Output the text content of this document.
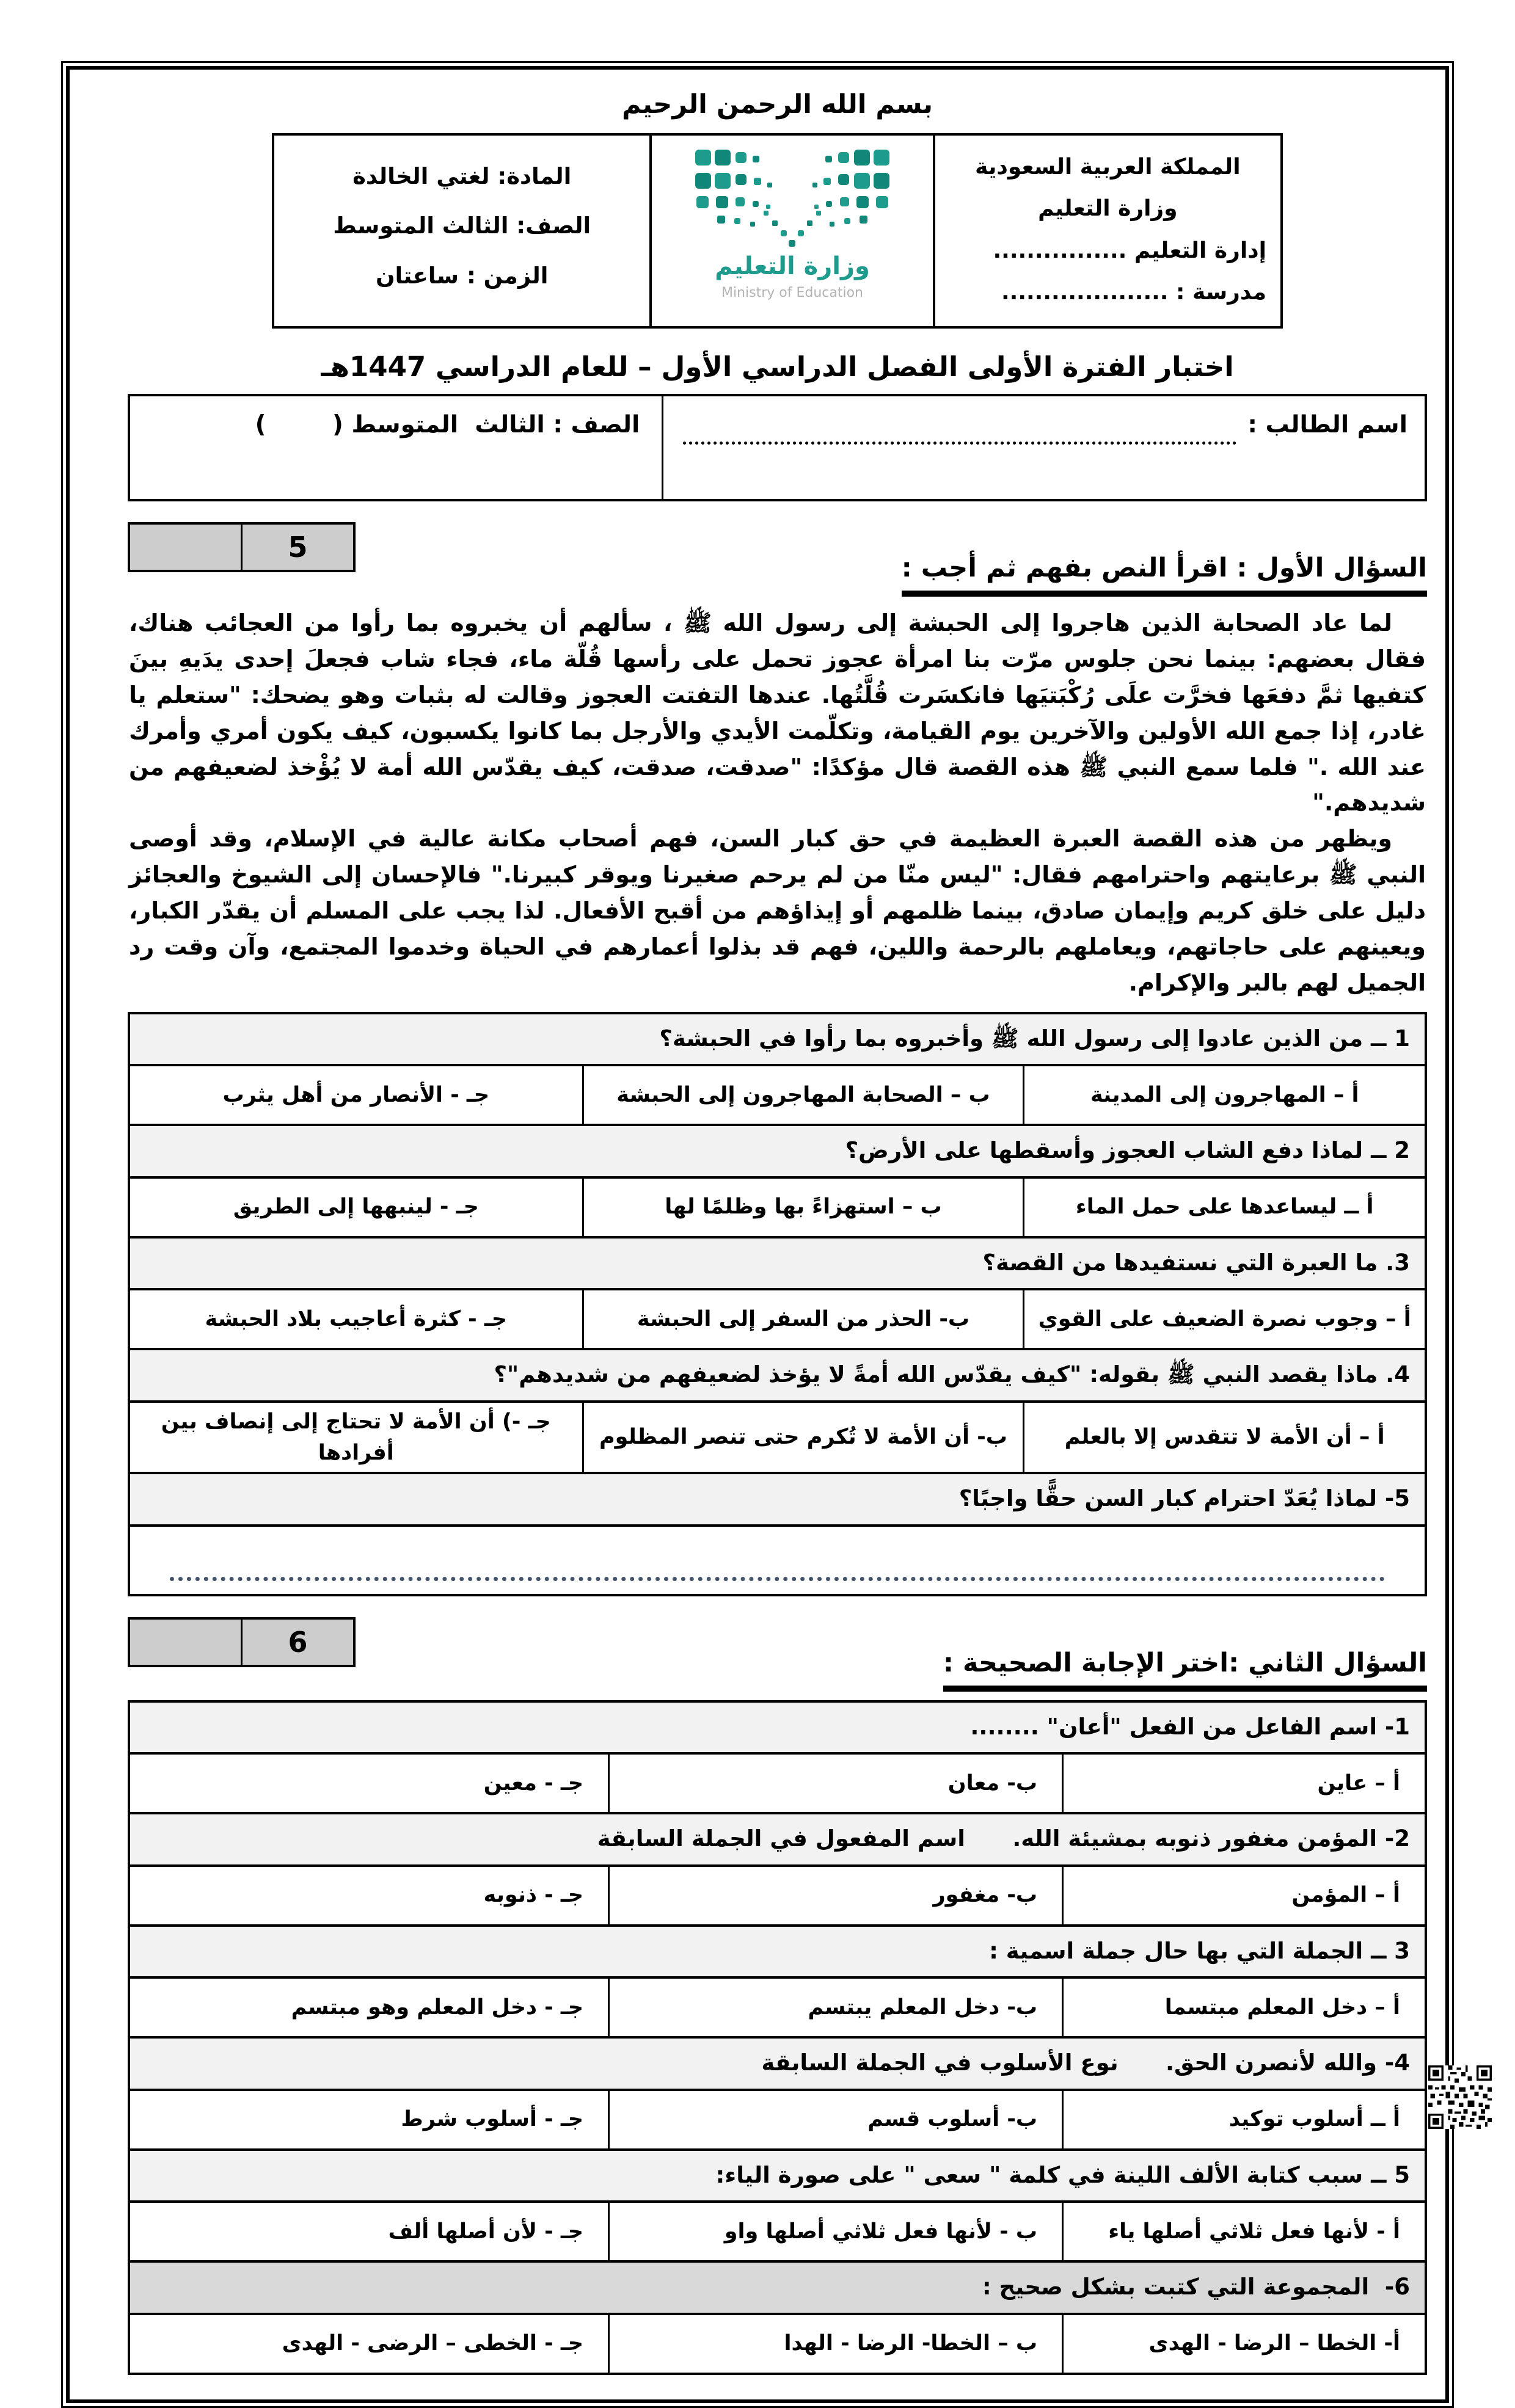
بسم الله الرحمن الرحيم
المملكة العربية السعودية
وزارة التعليم
إدارة التعليم ................
مدرسة : ....................

وزارة التعليم
Ministry of Education

المادة: لغتي الخالدة
الصف: الثالث المتوسط
الزمن : ساعتان
اختبار الفترة الأولى الفصل الدراسي الأول – للعام الدراسي 1447هـ
اسم الطالب :
الصف : الثالث  المتوسط (        )
السؤال الأول : اقرأ النص بفهم ثم أجب :
5

لما عاد الصحابة الذين هاجروا إلى الحبشة إلى رسول الله ﷺ ، سألهم أن يخبروه بما رأوا من العجائب هناك، فقال بعضهم: بينما نحن جلوس مرّت بنا امرأة عجوز تحمل على رأسها قُلّة ماء، فجاء شاب فجعلَ إحدى يدَيهِ بينَ كتفيها ثمَّ دفعَها فخرَّت علَى رُكْبَتيَها فانكسَرت قُلَّتُها. عندها التفتت العجوز وقالت له بثبات وهو يضحك: "ستعلم يا غادر، إذا جمع الله الأولين والآخرين يوم القيامة، وتكلّمت الأيدي والأرجل بما كانوا يكسبون، كيف يكون أمري وأمرك عند الله ." فلما سمع النبي ﷺ هذه القصة قال مؤكدًا: "صدقت، صدقت، كيف يقدّس الله أمة لا يُؤْخذ لضعيفهم من شديدهم."

ويظهر من هذه القصة العبرة العظيمة في حق كبار السن، فهم أصحاب مكانة عالية في الإسلام، وقد أوصى النبي ﷺ برعايتهم واحترامهم فقال: "ليس منّا من لم يرحم صغيرنا ويوقر كبيرنا." فالإحسان إلى الشيوخ والعجائز دليل على خلق كريم وإيمان صادق، بينما ظلمهم أو إيذاؤهم من أقبح الأفعال. لذا يجب على المسلم أن يقدّر الكبار، ويعينهم على حاجاتهم، ويعاملهم بالرحمة واللين، فهم قد بذلوا أعمارهم في الحياة وخدموا المجتمع، وآن وقت رد الجميل لهم بالبر والإكرام.

1 ــ من الذين عادوا إلى رسول الله ﷺ وأخبروه بما رأوا في الحبشة؟		
أ – المهاجرون إلى المدينة	ب – الصحابة المهاجرون إلى الحبشة	جـ - الأنصار من أهل يثرب
2 ــ لماذا دفع الشاب العجوز وأسقطها على الأرض؟		
أ ــ ليساعدها على حمل الماء	ب – استهزاءً بها وظلمًا لها	جـ - لينبهها إلى الطريق
3. ما العبرة التي نستفيدها من القصة؟		
أ – وجوب نصرة الضعيف على القوي	ب- الحذر من السفر إلى الحبشة	جـ - كثرة أعاجيب بلاد الحبشة
4. ماذا يقصد النبي ﷺ بقوله: "كيف يقدّس الله أمةً لا يؤخذ لضعيفهم من شديدهم"؟		
أ – أن الأمة لا تتقدس إلا بالعلم	ب- أن الأمة لا تُكرم حتى تنصر المظلوم	جـ -) أن الأمة لا تحتاج إلى إنصاف بين أفرادها
5- لماذا يُعَدّ احترام كبار السن حقًّا واجبًا؟		

السؤال الثاني :اختر الإجابة الصحيحة :
6
1- اسم الفاعل من الفعل "أعان" ........		
أ – عاين	ب- معان	جـ - معين
2- المؤمن مغفور ذنوبه بمشيئة الله.      اسم المفعول في الجملة السابقة		
أ – المؤمن	ب- مغفور	جـ - ذنوبه
3 ــ الجملة التي بها حال جملة اسمية :		
أ – دخل المعلم مبتسما	ب- دخل المعلم يبتسم	جـ - دخل المعلم وهو مبتسم
4- والله لأنصرن الحق.      نوع الأسلوب في الجملة السابقة		
أ ــ أسلوب توكيد	ب- أسلوب قسم	جـ - أسلوب شرط
5 ــ سبب كتابة الألف اللينة في كلمة " سعى " على صورة الياء:		
أ - لأنها فعل ثلاثي أصلها ياء	ب - لأنها فعل ثلاثي أصلها واو	جـ - لأن أصلها ألف
6-  المجموعة التي كتبت بشكل صحيح :		
أ- الخطا – الرضا - الهدى	ب – الخطا- الرضا - الهدا	جـ - الخطى – الرضى - الهدى
